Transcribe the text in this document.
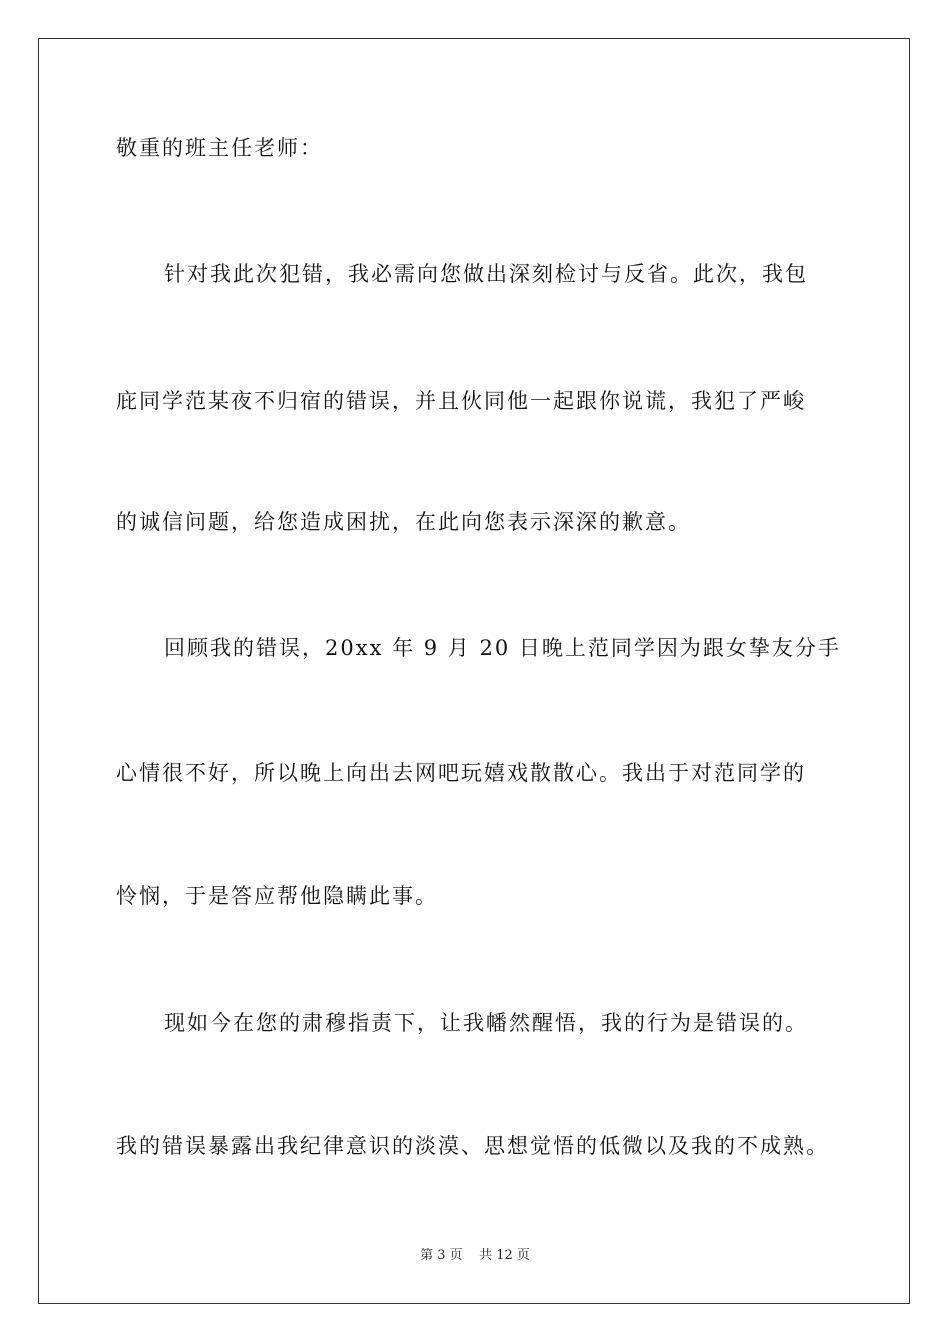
敬重的班主任老师：
针对我此次犯错，我必需向您做出深刻检讨与反省。此次，我包
庇同学范某夜不归宿的错误，并且伙同他一起跟你说谎，我犯了严峻
的诚信问题，给您造成困扰，在此向您表示深深的歉意。
回顾我的错误，20xx 年 9 月 20 日晚上范同学因为跟女挚友分手
心情很不好，所以晚上向出去网吧玩嬉戏散散心。我出于对范同学的
怜悯，于是答应帮他隐瞒此事。
现如今在您的肃穆指责下，让我幡然醒悟，我的行为是错误的。
我的错误暴露出我纪律意识的淡漠、思想觉悟的低微以及我的不成熟。
第 3 页    共 12 页
